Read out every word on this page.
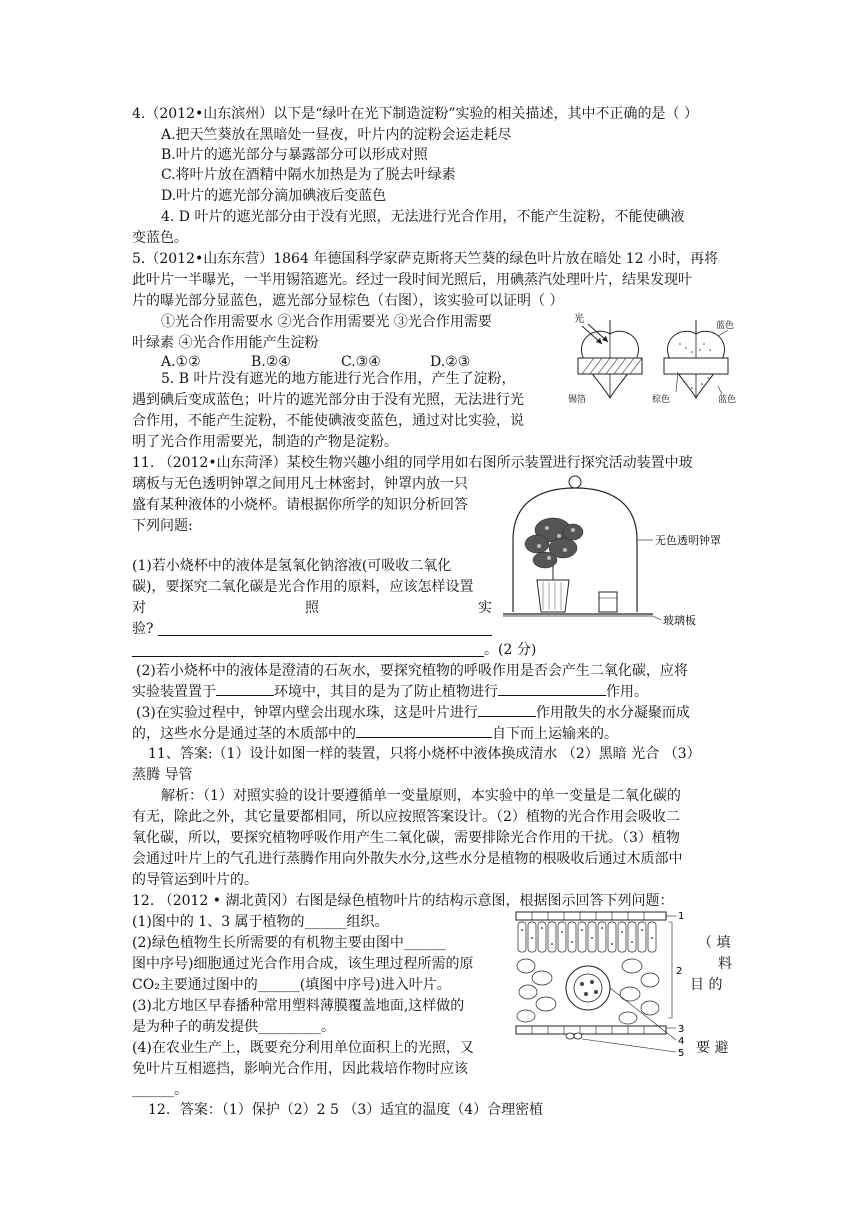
4.（2012•山东滨州）以下是“绿叶在光下制造淀粉”实验的相关描述，其中不正确的是（ ）
A.把天竺葵放在黑暗处一昼夜，叶片内的淀粉会运走耗尽
B.叶片的遮光部分与暴露部分可以形成对照
C.将叶片放在酒精中隔水加热是为了脱去叶绿素
D.叶片的遮光部分滴加碘液后变蓝色
4. D 叶片的遮光部分由于没有光照，无法进行光合作用，不能产生淀粉，不能使碘液
变蓝色。
5.（2012•山东东营）1864 年德国科学家萨克斯将天竺葵的绿色叶片放在暗处 12 小时，再将
此叶片一半曝光，一半用锡箔遮光。经过一段时间光照后，用碘蒸汽处理叶片，结果发现叶
片的曝光部分显蓝色，遮光部分显棕色（右图），该实验可以证明（ ）
①光合作用需要水 ②光合作用需要光 ③光合作用需要
叶绿素 ④光合作用能产生淀粉
A.①②	B.②④	C.③④	D.②③
5. B 叶片没有遮光的地方能进行光合作用，产生了淀粉，
遇到碘后变成蓝色；叶片的遮光部分由于没有光照，无法进行光
合作用，不能产生淀粉，不能使碘液变蓝色，通过对比实验，说
明了光合作用需要光，制造的产物是淀粉。
光
锡箔
蓝色
棕色	蓝色
11. （2012•山东菏泽）某校生物兴趣小组的同学用如右图所示装置进行探究活动装置中玻
璃板与无色透明钟罩之间用凡士林密封，钟罩内放一只
盛有某种液体的小烧杯。请根据你所学的知识分析回答
下列问题:
(1)若小烧杯中的液体是氢氧化钠溶液(可吸收二氧化
碳)，要探究二氧化碳是光合作用的原料，应该怎样设置
对	照	实
验?
。(2 分)
(2)若小烧杯中的液体是澄清的石灰水，要探究植物的呼吸作用是否会产生二氧化碳，应将
实验装置置于	环境中，其目的是为了防止植物进行	作用。
(3)在实验过程中，钟罩内壁会出现水珠，这是叶片进行	作用散失的水分凝聚而成
的，这些水分是通过茎的木质部中的	自下而上运输来的。
11、答案:（1）设计如图一样的装置，只将小烧杯中液体换成清水 （2）黑暗 光合 （3）
蒸腾 导管
解析：（1）对照实验的设计要遵循单一变量原则，本实验中的单一变量是二氧化碳的
有无，除此之外，其它量要都相同，所以应按照答案设计。（2）植物的光合作用会吸收二
氧化碳，所以，要探究植物呼吸作用产生二氧化碳，需要排除光合作用的干扰。（3）植物
会通过叶片上的气孔进行蒸腾作用向外散失水分,这些水分是植物的根吸收后通过木质部中
的导管运到叶片的。
无色透明钟罩
玻璃板
12. （2012 • 湖北黄冈）右图是绿色植物叶片的结构示意图，根据图示回答下列问题：
(1)图中的 1、3 属于植物的______组织。
(2)绿色植物生长所需要的有机物主要由图中______
图中序号)细胞通过光合作用合成，该生理过程所需的原
CO₂主要通过图中的______(填图中序号)进入叶片。
(3)北方地区早春播种常用塑料薄膜覆盖地面,这样做的
是为种子的萌发提供_________。
(4)在农业生产上，既要充分利用单位面积上的光照，又
免叶片互相遮挡，影响光合作用，因此栽培作物时应该
______。
（ 填
料
目 的
要 避
12．答案：（1）保护（2）2 5 （3）适宜的温度（4）合理密植
1
2
3
4
5
